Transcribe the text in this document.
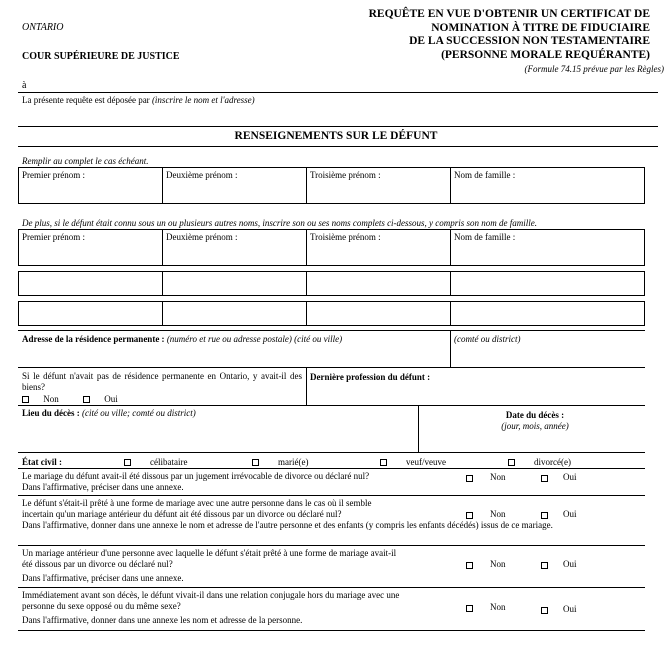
ONTARIO
COUR SUPÉRIEURE DE JUSTICE
REQUÊTE EN VUE D'OBTENIR UN CERTIFICAT DE
NOMINATION À TITRE DE FIDUCIAIRE
DE LA SUCCESSION NON TESTAMENTAIRE
(PERSONNE MORALE REQUÉRANTE)
(Formule 74.15 prévue par les Règles)
à
La présente requête est déposée par (inscrire le nom et l'adresse)
RENSEIGNEMENTS SUR LE DÉFUNT
Remplir au complet le cas échéant.
Premier prénom :	Deuxième prénom :	Troisième prénom :	Nom de famille :
De plus, si le défunt était connu sous un ou plusieurs autres noms, inscrire son ou ses noms complets ci-dessous, y compris son nom de famille.
Premier prénom :	Deuxième prénom :	Troisième prénom :	Nom de famille :
Adresse de la résidence permanente : (numéro et rue ou adresse postale) (cité ou ville)	(comté ou district)
Si le défunt n'avait pas de résidence permanente en Ontario, y avait-il des biens?
Non	Oui
Dernière profession du défunt :
Lieu du décès : (cité ou ville; comté ou district)	Date du décès :
(jour, mois, année)
État civil :	célibataire	marié(e)	veuf/veuve	divorcé(e)
Le mariage du défunt avait-il été dissous par un jugement irrévocable de divorce ou déclaré nul?
Dans l'affirmative, préciser dans une annexe.
Non	Oui
Le défunt s'était-il prêté à une forme de mariage avec une autre personne dans le cas où il semble
incertain qu'un mariage antérieur du défunt ait été dissous par un divorce ou déclaré nul?
Dans l'affirmative, donner dans une annexe le nom et adresse de l'autre personne et des enfants (y compris les enfants décédés) issus de ce mariage.
Non	Oui
Un mariage antérieur d'une personne avec laquelle le défunt s'était prêté à une forme de mariage avait-il
été dissous par un divorce ou déclaré nul?
Dans l'affirmative, préciser dans une annexe.
Non	Oui
Immédiatement avant son décès, le défunt vivait-il dans une relation conjugale hors du mariage avec une
personne du sexe opposé ou du même sexe?
Dans l'affirmative, donner dans une annexe les nom et adresse de la personne.
Non	Oui
